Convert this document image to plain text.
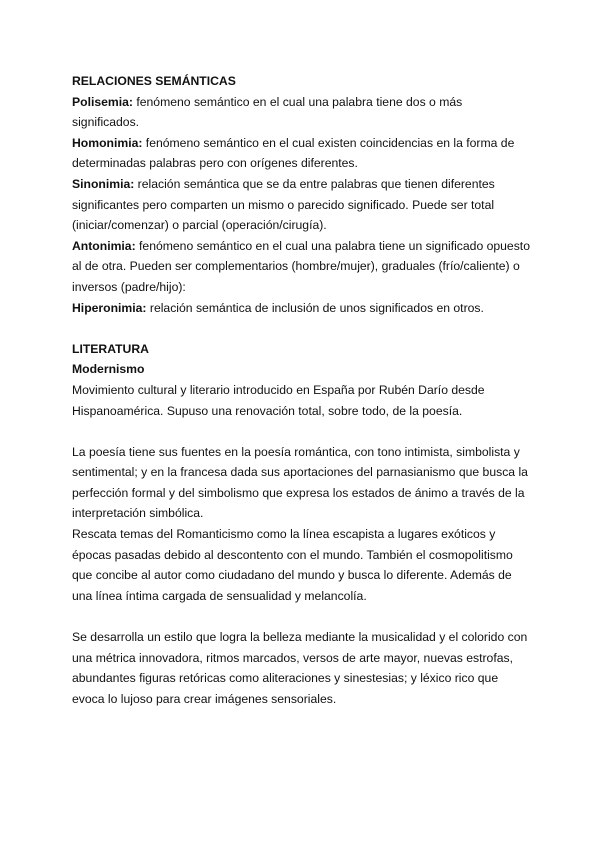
RELACIONES SEMÁNTICAS
Polisemia: fenómeno semántico en el cual una palabra tiene dos o más
significados.
Homonimia: fenómeno semántico en el cual existen coincidencias en la forma de
determinadas palabras pero con orígenes diferentes.
Sinonimia: relación semántica que se da entre palabras que tienen diferentes
significantes pero comparten un mismo o parecido significado. Puede ser total
(iniciar/comenzar) o parcial (operación/cirugía).
Antonimia: fenómeno semántico en el cual una palabra tiene un significado opuesto
al de otra. Pueden ser complementarios (hombre/mujer), graduales (frío/caliente) o
inversos (padre/hijo):
Hiperonimia: relación semántica de inclusión de unos significados en otros.
LITERATURA
Modernismo
Movimiento cultural y literario introducido en España por Rubén Darío desde
Hispanoamérica. Supuso una renovación total, sobre todo, de la poesía.
La poesía tiene sus fuentes en la poesía romántica, con tono intimista, simbolista y
sentimental; y en la francesa dada sus aportaciones del parnasianismo que busca la
perfección formal y del simbolismo que expresa los estados de ánimo a través de la
interpretación simbólica.
Rescata temas del Romanticismo como la línea escapista a lugares exóticos y
épocas pasadas debido al descontento con el mundo. También el cosmopolitismo
que concibe al autor como ciudadano del mundo y busca lo diferente. Además de
una línea íntima cargada de sensualidad y melancolía.
Se desarrolla un estilo que logra la belleza mediante la musicalidad y el colorido con
una métrica innovadora, ritmos marcados, versos de arte mayor, nuevas estrofas,
abundantes figuras retóricas como aliteraciones y sinestesias; y léxico rico que
evoca lo lujoso para crear imágenes sensoriales.
